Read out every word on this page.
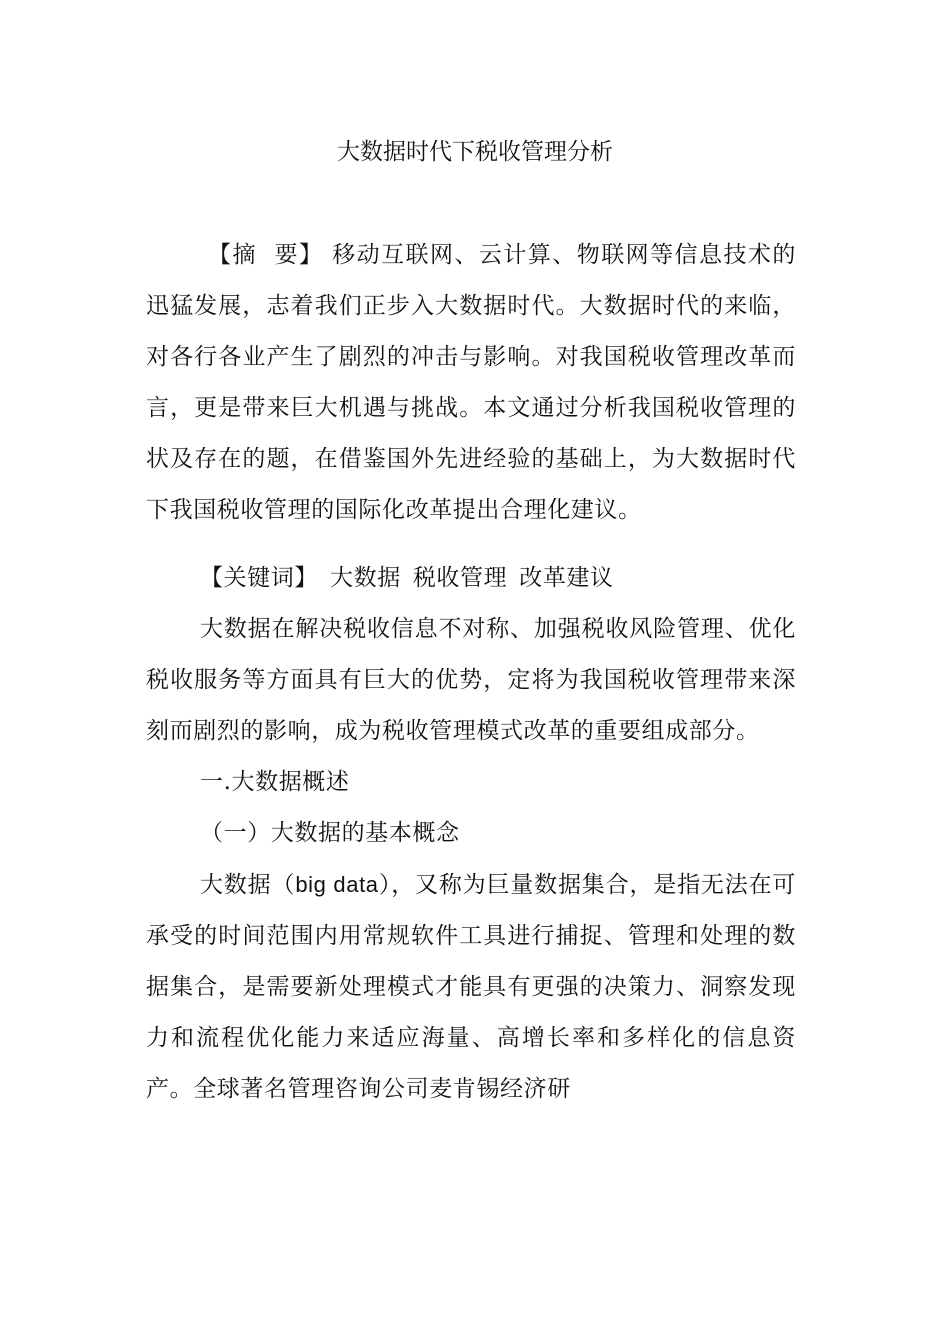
大数据时代下税收管理分析

【摘  要】 移动互联网、云计算、物联网等信息技术的迅猛发展，志着我们正步入大数据时代。大数据时代的来临，对各行各业产生了剧烈的冲击与影响。对我国税收管理改革而言，更是带来巨大机遇与挑战。本文通过分析我国税收管理的状及存在的题，在借鉴国外先进经验的基础上，为大数据时代下我国税收管理的国际化改革提出合理化建议。

【关键词】 大数据 税收管理 改革建议

大数据在解决税收信息不对称、加强税收风险管理、优化税收服务等方面具有巨大的优势，定将为我国税收管理带来深刻而剧烈的影响，成为税收管理模式改革的重要组成部分。

一.大数据概述

（一）大数据的基本概念

大数据（big data），又称为巨量数据集合，是指无法在可承受的时间范围内用常规软件工具进行捕捉、管理和处理的数据集合，是需要新处理模式才能具有更强的决策力、洞察发现力和流程优化能力来适应海量、高增长率和多样化的信息资产。全球著名管理咨询公司麦肯锡经济研
